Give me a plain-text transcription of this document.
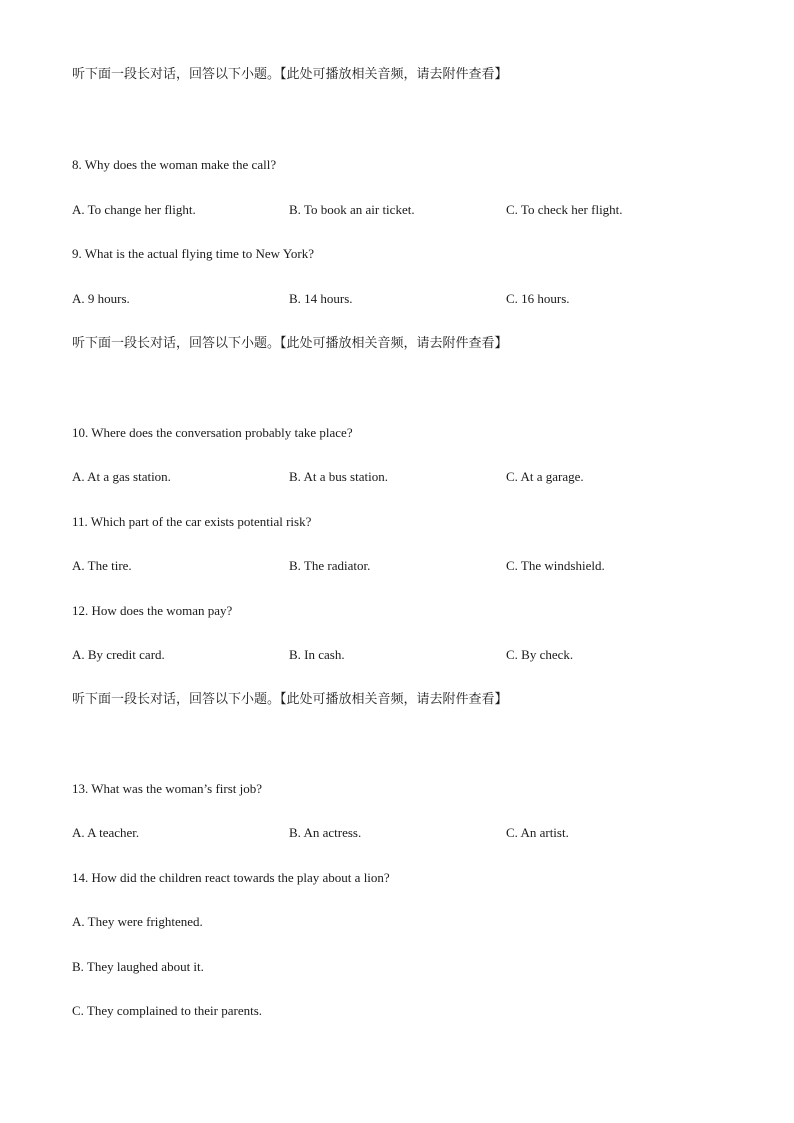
听下面一段长对话，回答以下小题。【此处可播放相关音频，请去附件查看】
8. Why does the woman make the call?
A. To change her flight.	B. To book an air ticket.	C. To check her flight.
9. What is the actual flying time to New York?
A. 9 hours.	B. 14 hours.	C. 16 hours.
听下面一段长对话，回答以下小题。【此处可播放相关音频，请去附件查看】
10. Where does the conversation probably take place?
A. At a gas station.	B. At a bus station.	C. At a garage.
11. Which part of the car exists potential risk?
A. The tire.	B. The radiator.	C. The windshield.
12. How does the woman pay?
A. By credit card.	B. In cash.	C. By check.
听下面一段长对话，回答以下小题。【此处可播放相关音频，请去附件查看】
13. What was the woman’s first job?
A. A teacher.	B. An actress.	C. An artist.
14. How did the children react towards the play about a lion?
A. They were frightened.
B. They laughed about it.
C. They complained to their parents.
